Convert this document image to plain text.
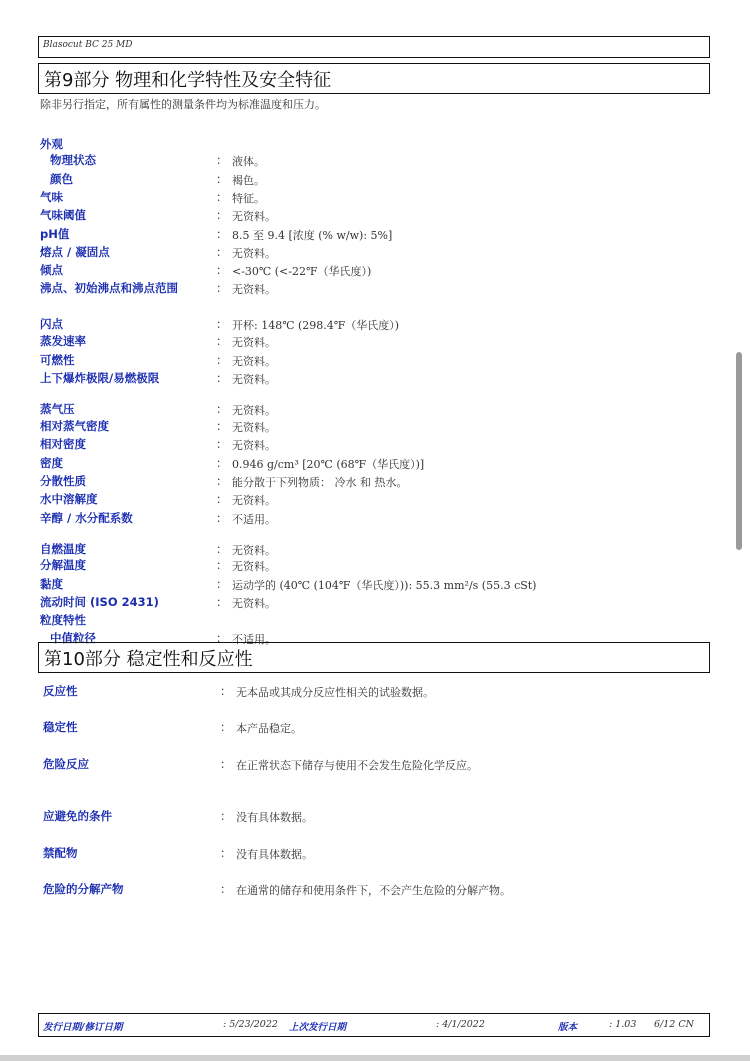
Blasocut BC 25 MD
第9部分 物理和化学特性及安全特征
除非另行指定，所有属性的测量条件均为标准温度和压力。
外观
物理状态	： 液体。
颜色	： 褐色。
气味	： 特征。
气味阈值	： 无资料。
pH值	： 8.5 至 9.4 [浓度 (% w/w): 5%]
熔点 / 凝固点	： 无资料。
倾点	： <-30℃ (<-22℉（华氏度）)
沸点、初始沸点和沸点范围	： 无资料。
闪点	： 开杯: 148℃ (298.4℉（华氏度）)
蒸发速率	： 无资料。
可燃性	： 无资料。
上下爆炸极限/易燃极限	： 无资料。
蒸气压	： 无资料。
相对蒸气密度	： 无资料。
相对密度	： 无资料。
密度	： 0.946 g/cm³ [20℃ (68℉（华氏度）)]
分散性质	： 能分散于下列物质： 冷水 和 热水。
水中溶解度	： 无资料。
辛醇 / 水分配系数	： 不适用。
自燃温度	： 无资料。
分解温度	： 无资料。
黏度	： 运动学的 (40℃ (104℉（华氏度）)): 55.3 mm²/s (55.3 cSt)
流动时间 (ISO 2431)	： 无资料。
粒度特性
中值粒径	： 不适用。
第10部分 稳定性和反应性
反应性	： 无本品或其成分反应性相关的试验数据。
稳定性	： 本产品稳定。
危险反应	： 在正常状态下储存与使用不会发生危险化学反应。
应避免的条件	： 没有具体数据。
禁配物	： 没有具体数据。
危险的分解产物	： 在通常的储存和使用条件下，不会产生危险的分解产物。
发行日期/修订日期	: 5/23/2022 上次发行日期	: 4/1/2022	版本	: 1.03 6/12 CN
